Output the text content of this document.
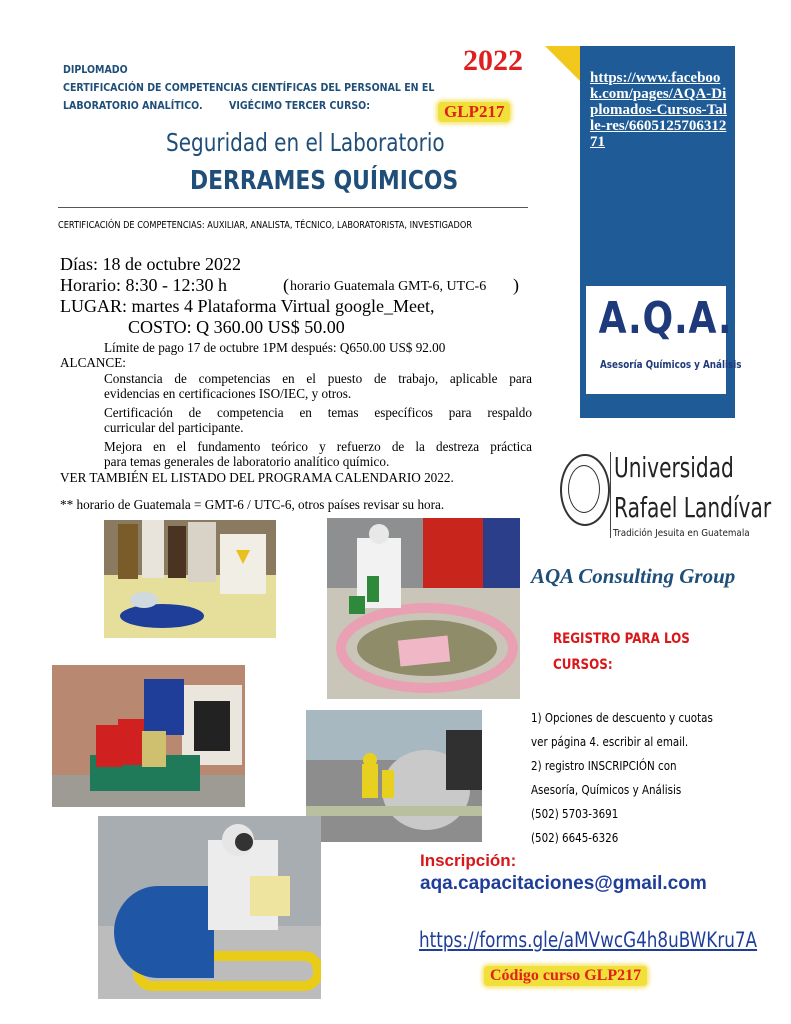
DIPLOMADO
CERTIFICACIÓN DE COMPETENCIAS CIENTÍFICAS DEL PERSONAL EN EL
LABORATORIO ANALÍTICO. VIGÉCIMO TERCER CURSO:
2022
GLP217
Seguridad en el Laboratorio
DERRAMES QUÍMICOS
CERTIFICACIÓN DE COMPETENCIAS: AUXILIAR, ANALISTA, TÉCNICO, LABORATORISTA, INVESTIGADOR
https://www.facebook.com/pages/AQA-Diplomados-Cursos-Talle-res/660512570631271
A.Q.A.
Asesoría Químicos y Análisis
Universidad
Rafael Landívar
Tradición Jesuita en Guatemala
AQA Consulting Group
REGISTRO PARA LOS
CURSOS:
1) Opciones de descuento y cuotas
ver página 4. escribir al email.
2) registro INSCRIPCIÓN con
Asesoría, Químicos y Análisis
(502) 5703-3691
(502) 6645-6326
Días: 18 de octubre 2022
Horario: 8:30 - 12:30 h	( horario Guatemala GMT-6, UTC-6 )
LUGAR: martes 4 Plataforma Virtual google_Meet,
COSTO: Q 360.00 US$ 50.00
Límite de pago 17 de octubre 1PM después: Q650.00 US$ 92.00
ALCANCE:
Constancia de competencias en el puesto de trabajo, aplicable para
evidencias en certificaciones ISO/IEC, y otros.
Certificación de competencia en temas específicos para respaldo
curricular del participante.
Mejora en el fundamento teórico y refuerzo de la destreza práctica
para temas generales de laboratorio analítico químico.
VER TAMBIÉN EL LISTADO DEL PROGRAMA CALENDARIO 2022.
** horario de Guatemala = GMT-6 / UTC-6, otros países revisar su hora.
Inscripción:
aqa.capacitaciones@gmail.com
https://forms.gle/aMVwcG4h8uBWKru7A
Código curso GLP217
